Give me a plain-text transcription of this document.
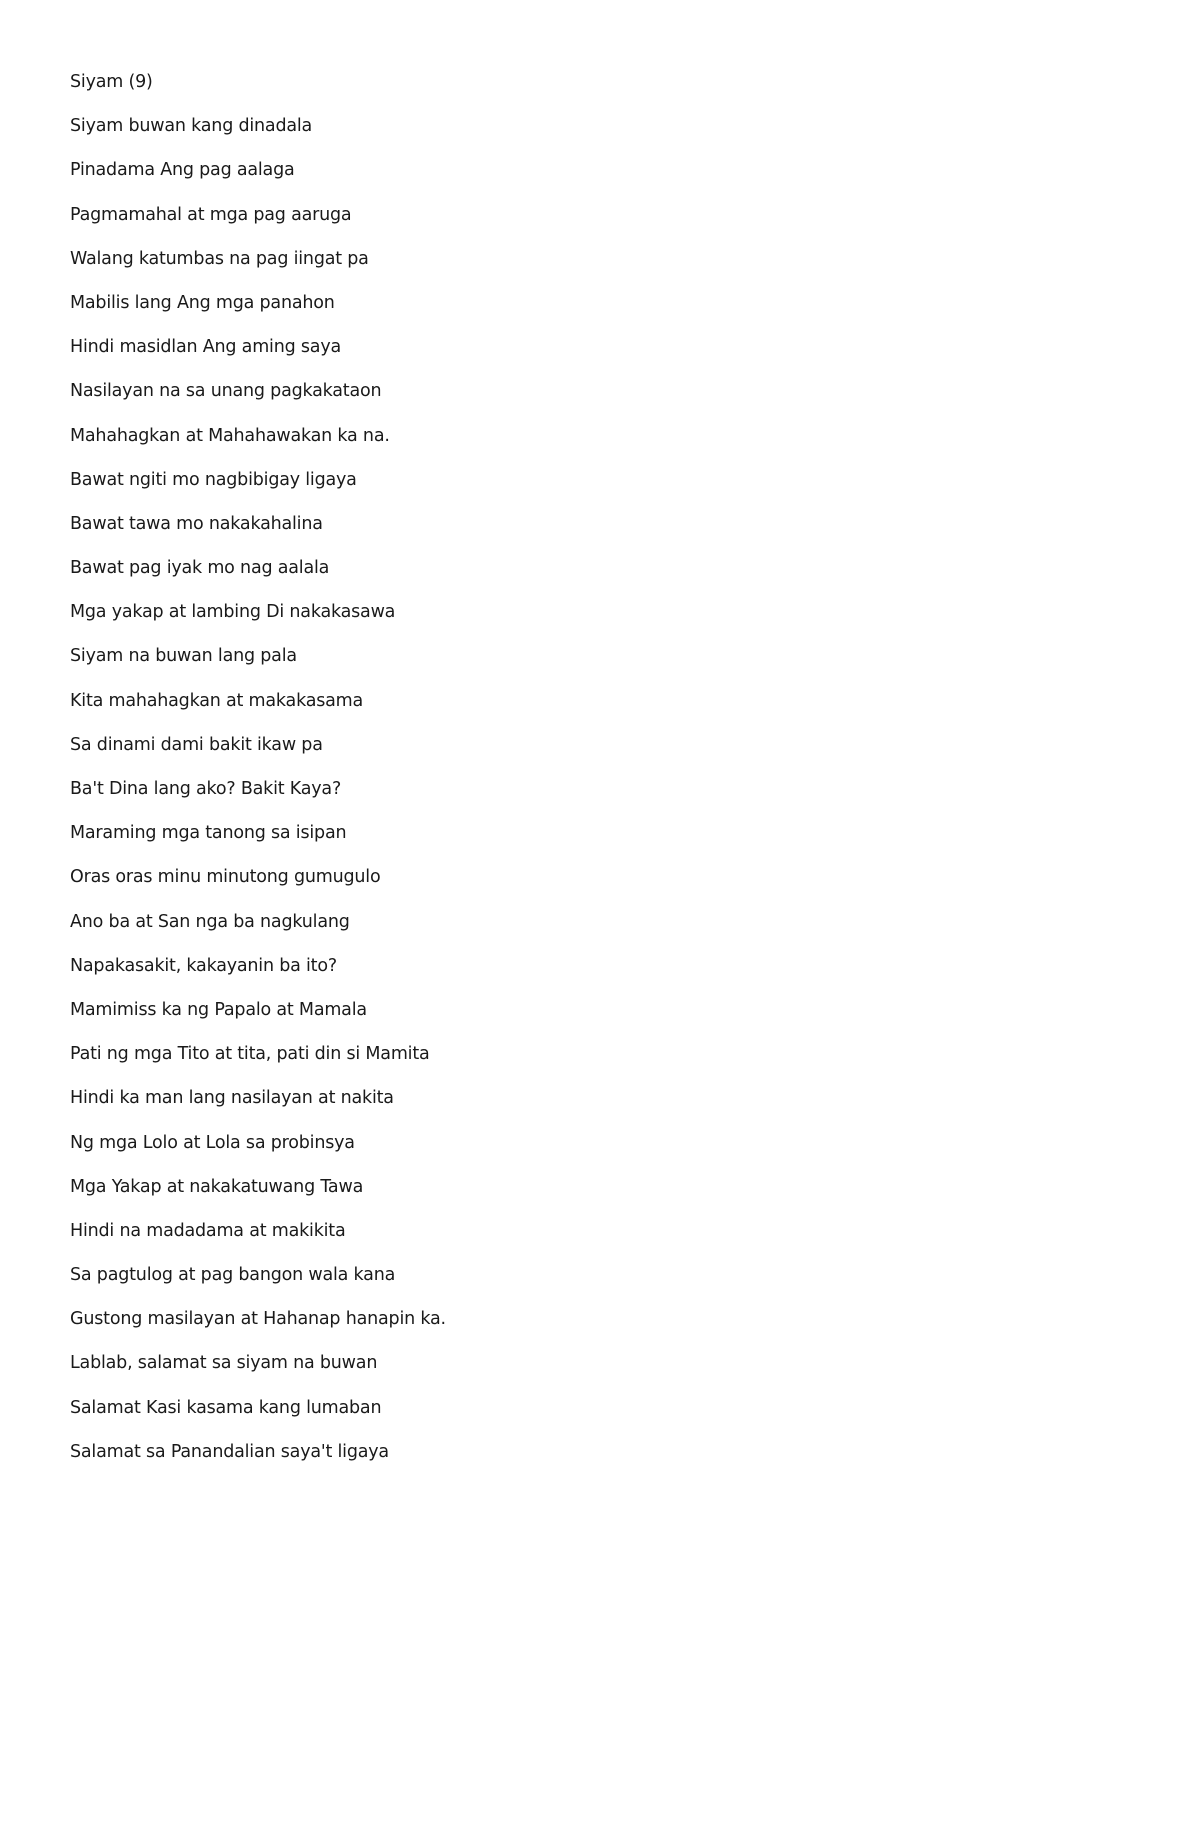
Siyam (9)
Siyam buwan kang dinadala
Pinadama Ang pag aalaga
Pagmamahal at mga pag aaruga
Walang katumbas na pag iingat pa
Mabilis lang Ang mga panahon
Hindi masidlan Ang aming saya
Nasilayan na sa unang pagkakataon
Mahahagkan at Mahahawakan ka na.
Bawat ngiti mo nagbibigay ligaya
Bawat tawa mo nakakahalina
Bawat pag iyak mo nag aalala
Mga yakap at lambing Di nakakasawa
Siyam na buwan lang pala
Kita mahahagkan at makakasama
Sa dinami dami bakit ikaw pa
Ba't Dina lang ako? Bakit Kaya?
Maraming mga tanong sa isipan
Oras oras minu minutong gumugulo
Ano ba at San nga ba nagkulang
Napakasakit, kakayanin ba ito?
Mamimiss ka ng Papalo at Mamala
Pati ng mga Tito at tita, pati din si Mamita
Hindi ka man lang nasilayan at nakita
Ng mga Lolo at Lola sa probinsya
Mga Yakap at nakakatuwang Tawa
Hindi na madadama at makikita
Sa pagtulog at pag bangon wala kana
Gustong masilayan at Hahanap hanapin ka.
Lablab, salamat sa siyam na buwan
Salamat Kasi kasama kang lumaban
Salamat sa Panandalian saya't ligaya
